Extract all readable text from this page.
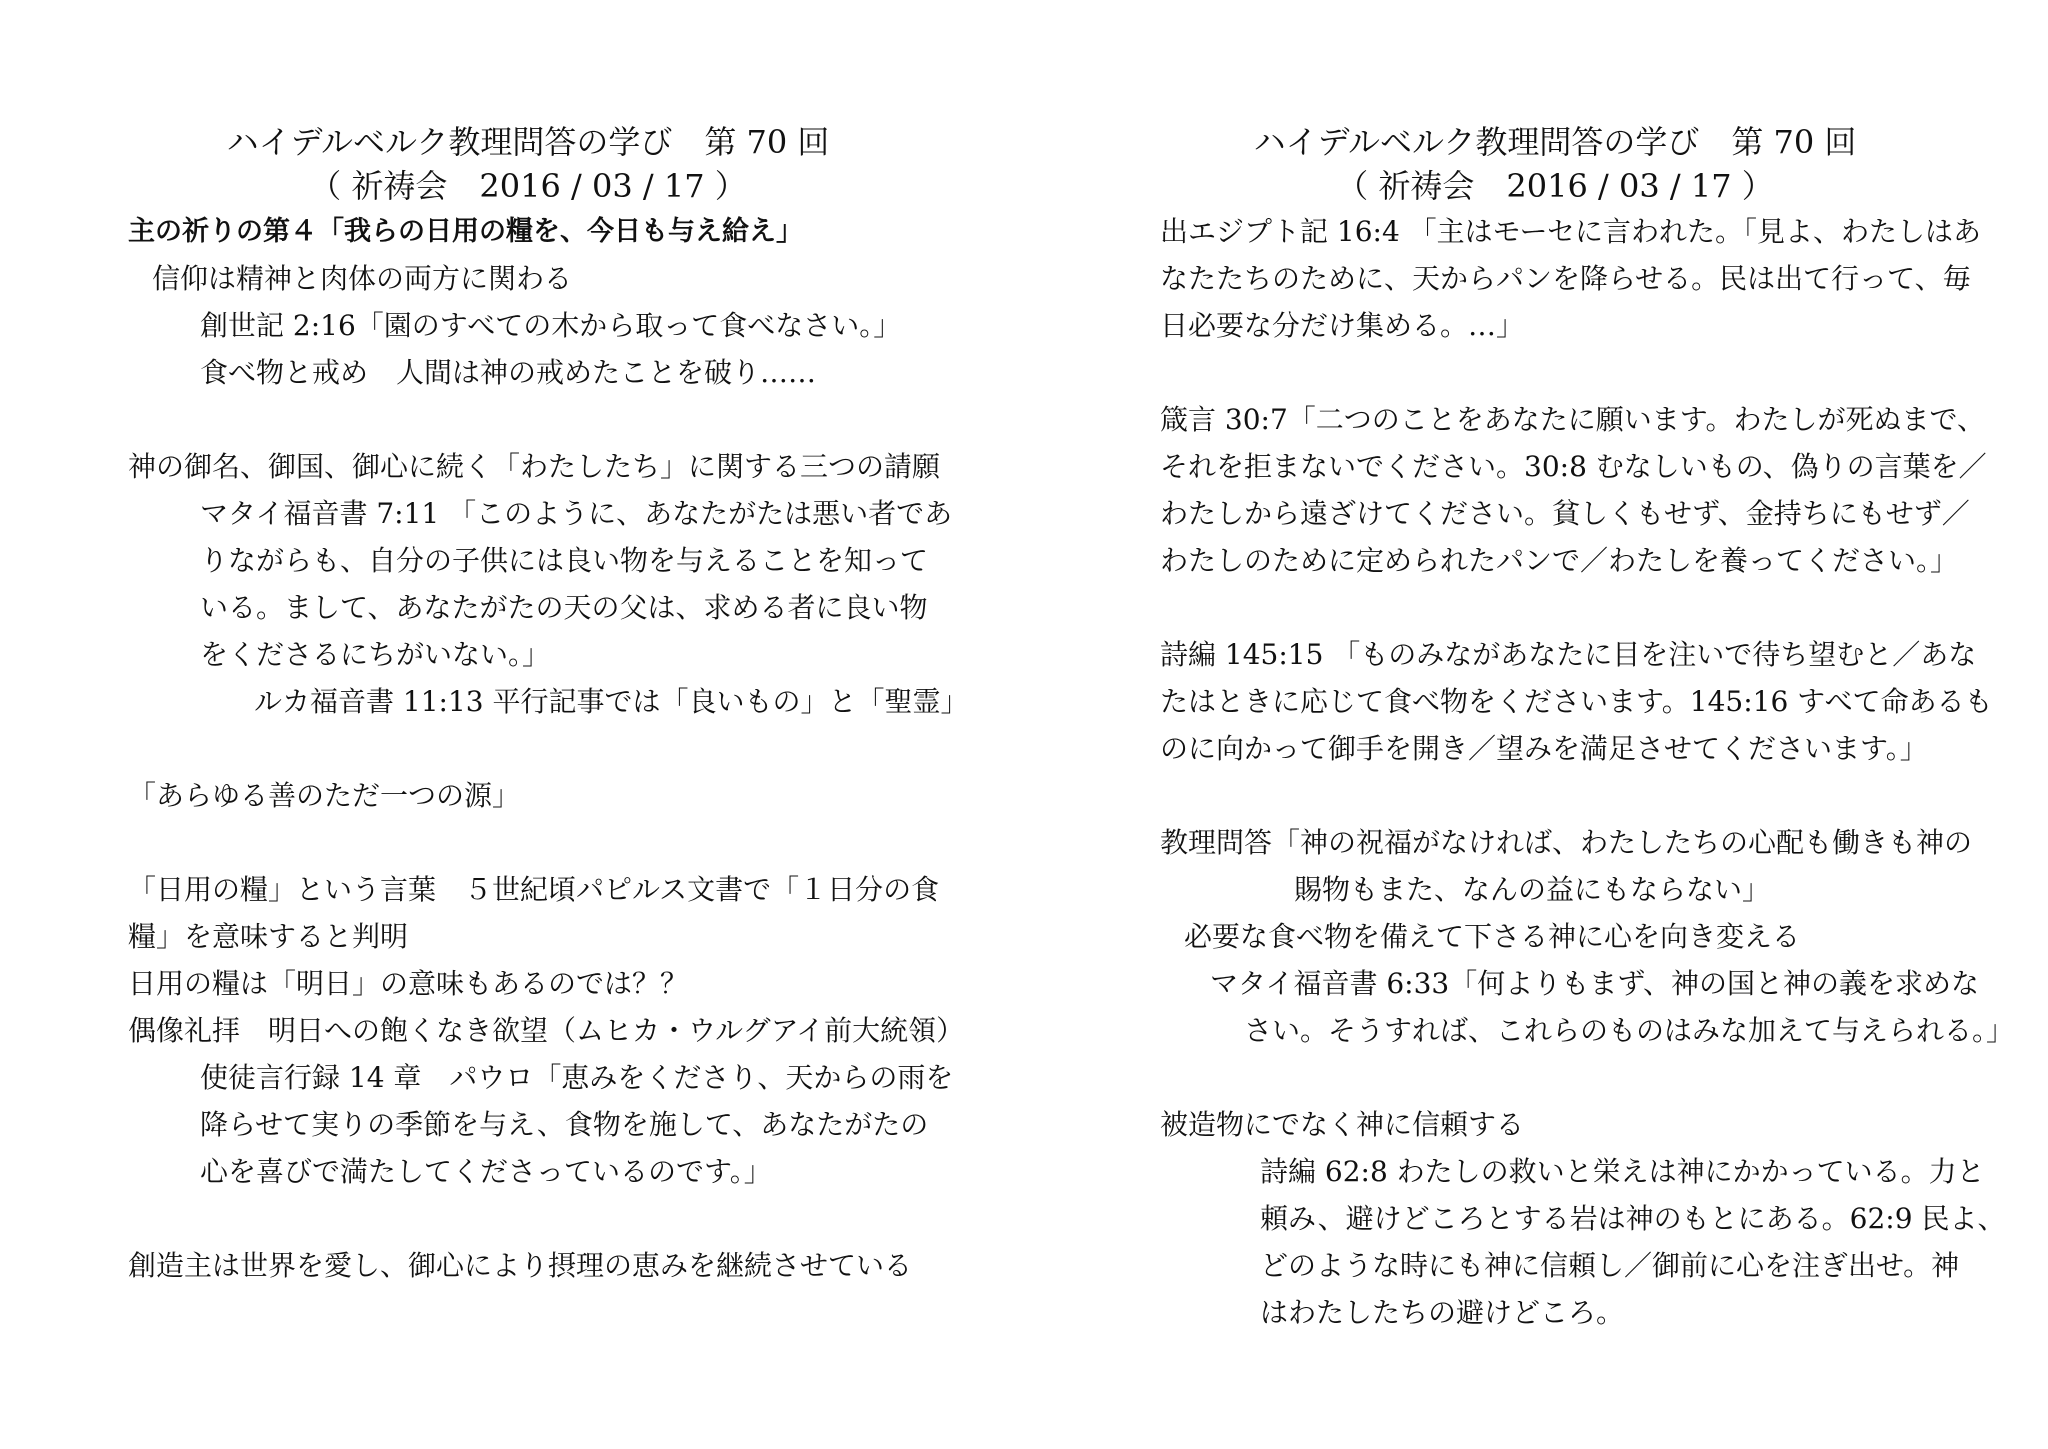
ハイデルベルク教理問答の学び　第 70 回
（ 祈祷会　2016 / 03 / 17 ）
主の祈りの第４「我らの日用の糧を、今日も与え給え」
信仰は精神と肉体の両方に関わる
創世記 2:16「園のすべての木から取って食べなさい。」
食べ物と戒め　人間は神の戒めたことを破り……
神の御名、御国、御心に続く「わたしたち」に関する三つの請願
マタイ福音書 7:11 「このように、あなたがたは悪い者であ
りながらも、自分の子供には良い物を与えることを知って
いる。まして、あなたがたの天の父は、求める者に良い物
をくださるにちがいない。」
ルカ福音書 11:13 平行記事では「良いもの」と「聖霊」
「あらゆる善のただ一つの源」
「日用の糧」という言葉　５世紀頃パピルス文書で「１日分の食
糧」を意味すると判明
日用の糧は「明日」の意味もあるのでは？？
偶像礼拝　明日への飽くなき欲望（ムヒカ・ウルグアイ前大統領）
使徒言行録 14 章　パウロ「恵みをくださり、天からの雨を
降らせて実りの季節を与え、食物を施して、あなたがたの
心を喜びで満たしてくださっているのです。」
創造主は世界を愛し、御心により摂理の恵みを継続させている
ハイデルベルク教理問答の学び　第 70 回
（ 祈祷会　2016 / 03 / 17 ）
出エジプト記 16:4 「主はモーセに言われた。「見よ、わたしはあ
なたたちのために、天からパンを降らせる。民は出て行って、毎
日必要な分だけ集める。…」
箴言 30:7「二つのことをあなたに願います。わたしが死ぬまで、
それを拒まないでください。30:8 むなしいもの、偽りの言葉を／
わたしから遠ざけてください。貧しくもせず、金持ちにもせず／
わたしのために定められたパンで／わたしを養ってください。」
詩編 145:15 「ものみながあなたに目を注いで待ち望むと／あな
たはときに応じて食べ物をくださいます。145:16 すべて命あるも
のに向かって御手を開き／望みを満足させてくださいます。」
教理問答「神の祝福がなければ、わたしたちの心配も働きも神の
賜物もまた、なんの益にもならない」
必要な食べ物を備えて下さる神に心を向き変える
マタイ福音書 6:33「何よりもまず、神の国と神の義を求めな
さい。そうすれば、これらのものはみな加えて与えられる。」
被造物にでなく神に信頼する
詩編 62:8 わたしの救いと栄えは神にかかっている。力と
頼み、避けどころとする岩は神のもとにある。62:9 民よ、
どのような時にも神に信頼し／御前に心を注ぎ出せ。神
はわたしたちの避けどころ。
